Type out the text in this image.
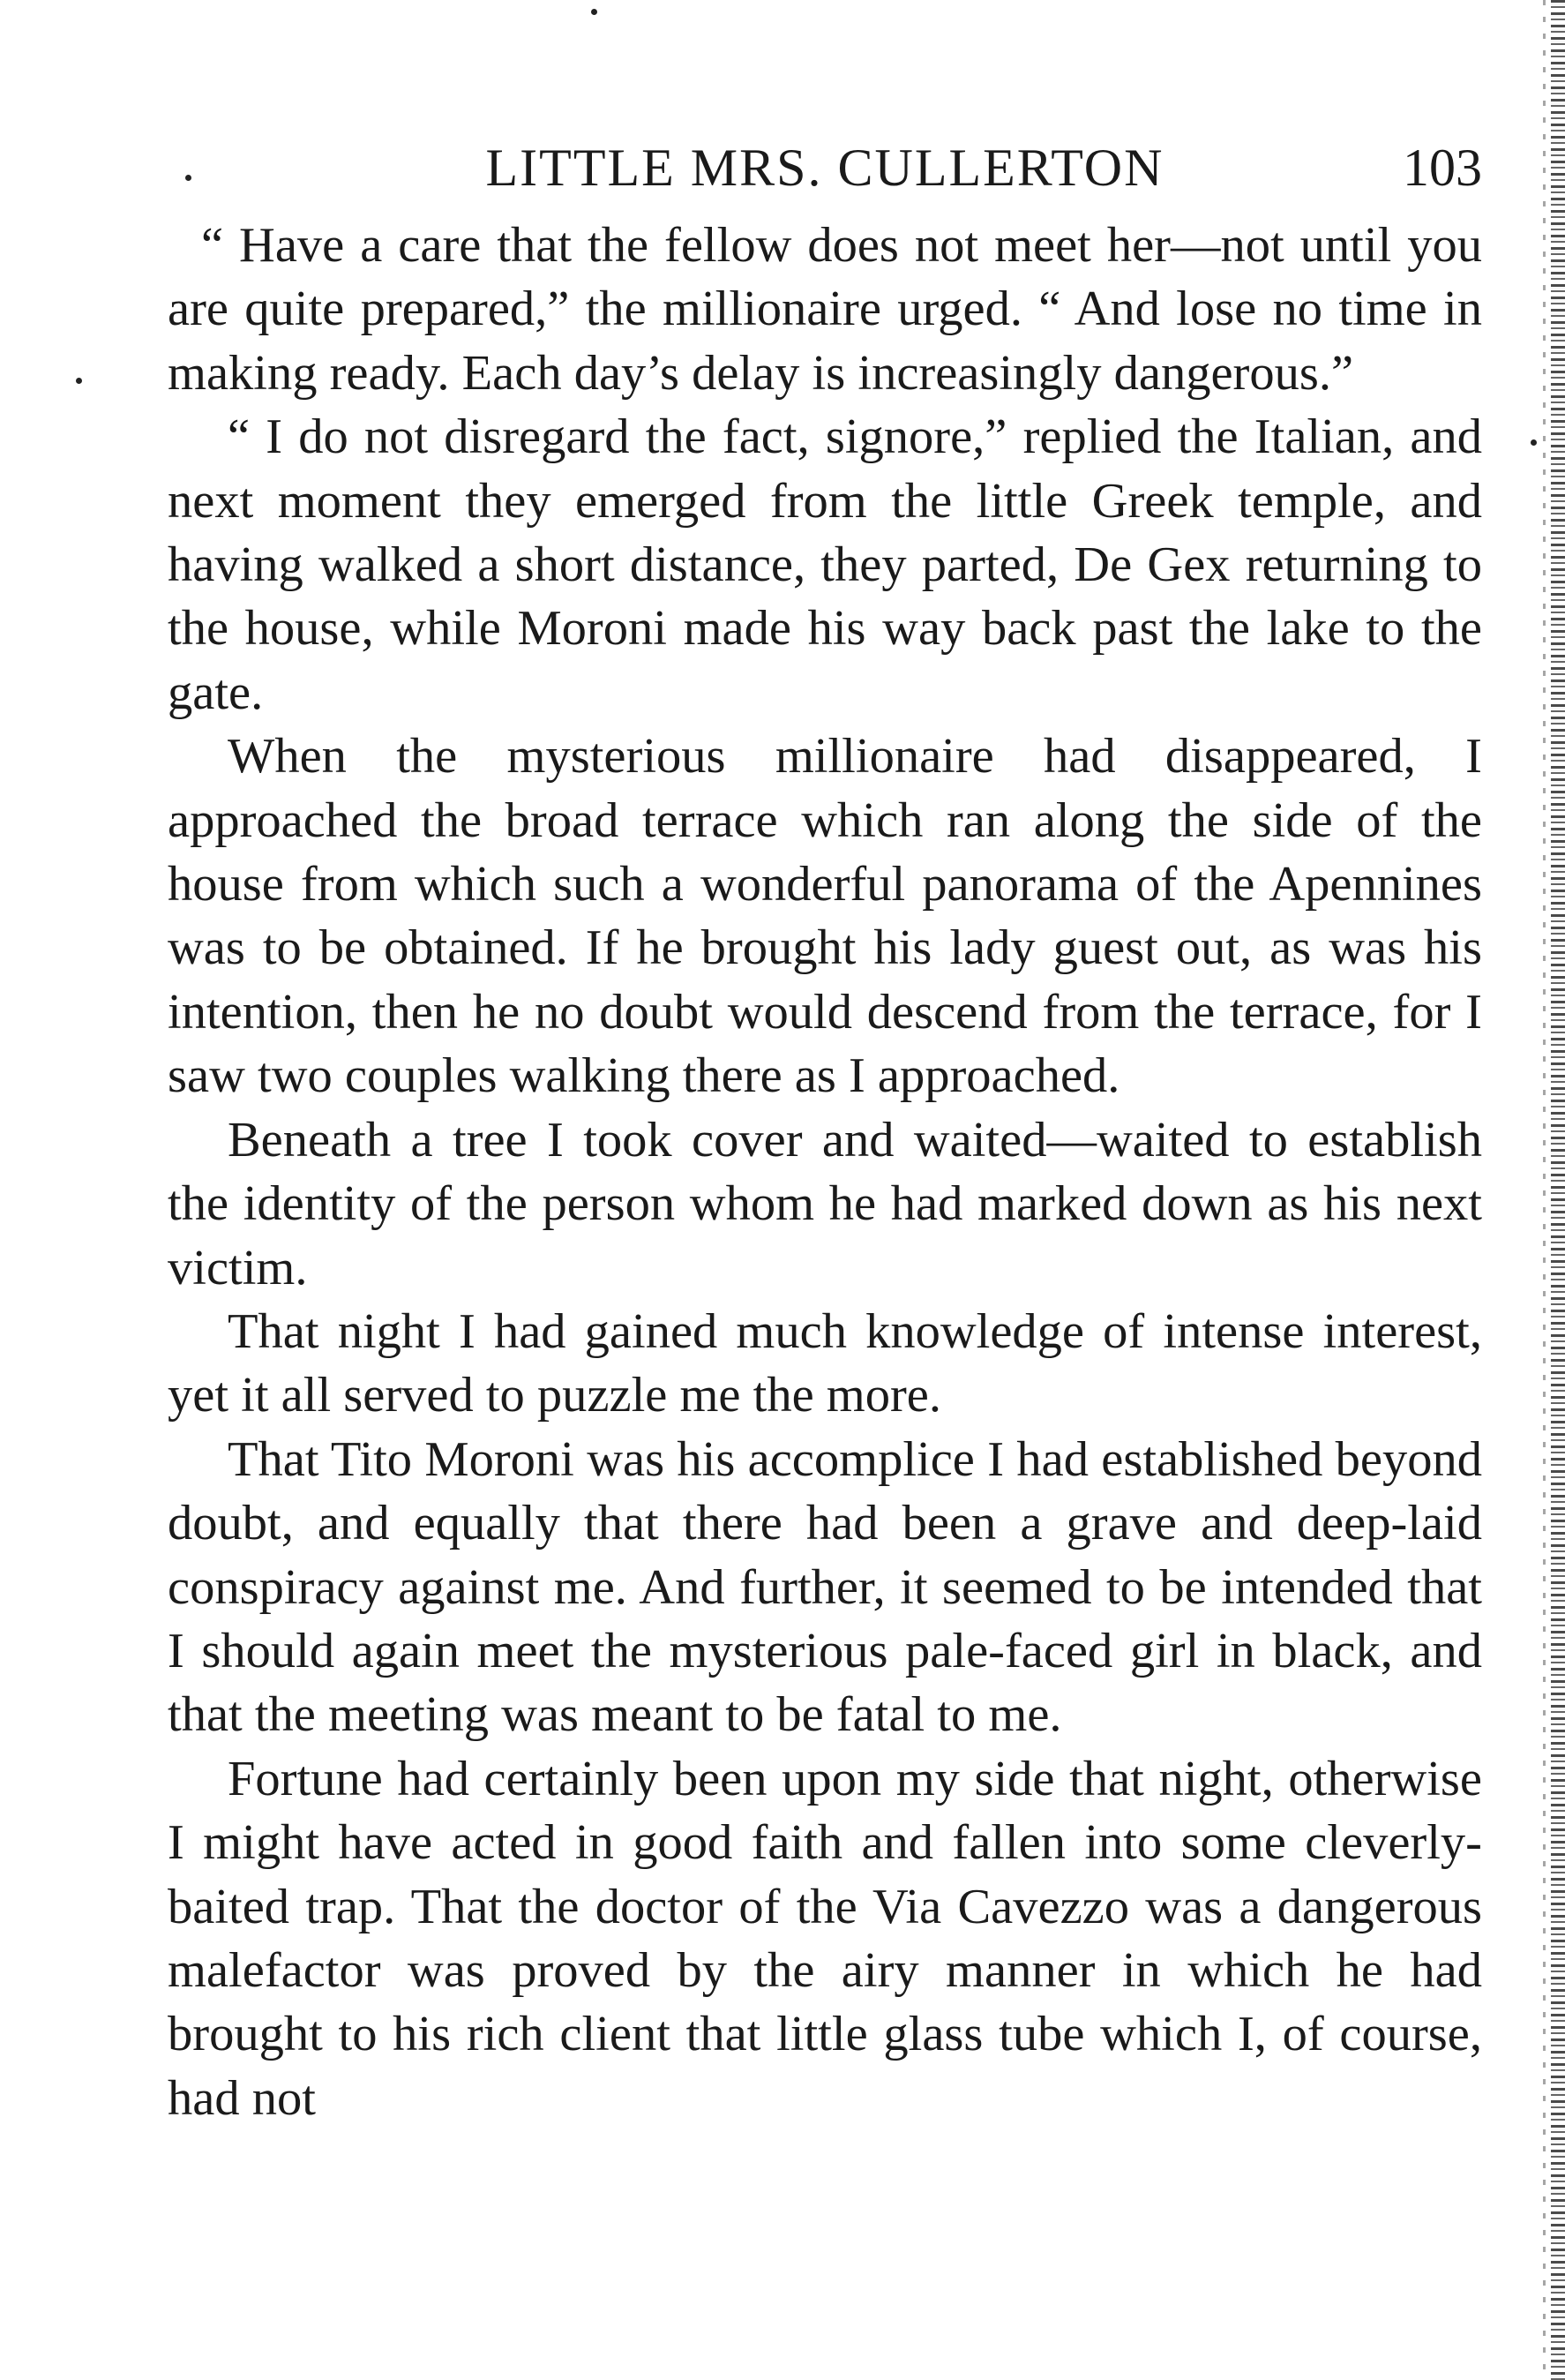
LITTLE MRS. CULLERTON	103

“ Have a care that the fellow does not meet her—not until you are quite prepared,” the millionaire urged. “ And lose no time in making ready. Each day’s delay is increasingly dangerous.”

“ I do not disregard the fact, signore,” replied the Italian, and next moment they emerged from the little Greek temple, and having walked a short distance, they parted, De Gex returning to the house, while Moroni made his way back past the lake to the gate.

When the mysterious millionaire had disappeared, I approached the broad terrace which ran along the side of the house from which such a wonderful panorama of the Apennines was to be obtained. If he brought his lady guest out, as was his intention, then he no doubt would descend from the terrace, for I saw two couples walking there as I approached.

Beneath a tree I took cover and waited—waited to establish the identity of the person whom he had marked down as his next victim.

That night I had gained much knowledge of intense interest, yet it all served to puzzle me the more.

That Tito Moroni was his accomplice I had established beyond doubt, and equally that there had been a grave and deep-laid conspiracy against me. And further, it seemed to be intended that I should again meet the mysterious pale-faced girl in black, and that the meeting was meant to be fatal to me.

Fortune had certainly been upon my side that night, otherwise I might have acted in good faith and fallen into some cleverly-baited trap. That the doctor of the Via Cavezzo was a dangerous malefactor was proved by the airy manner in which he had brought to his rich client that little glass tube which I, of course, had not
